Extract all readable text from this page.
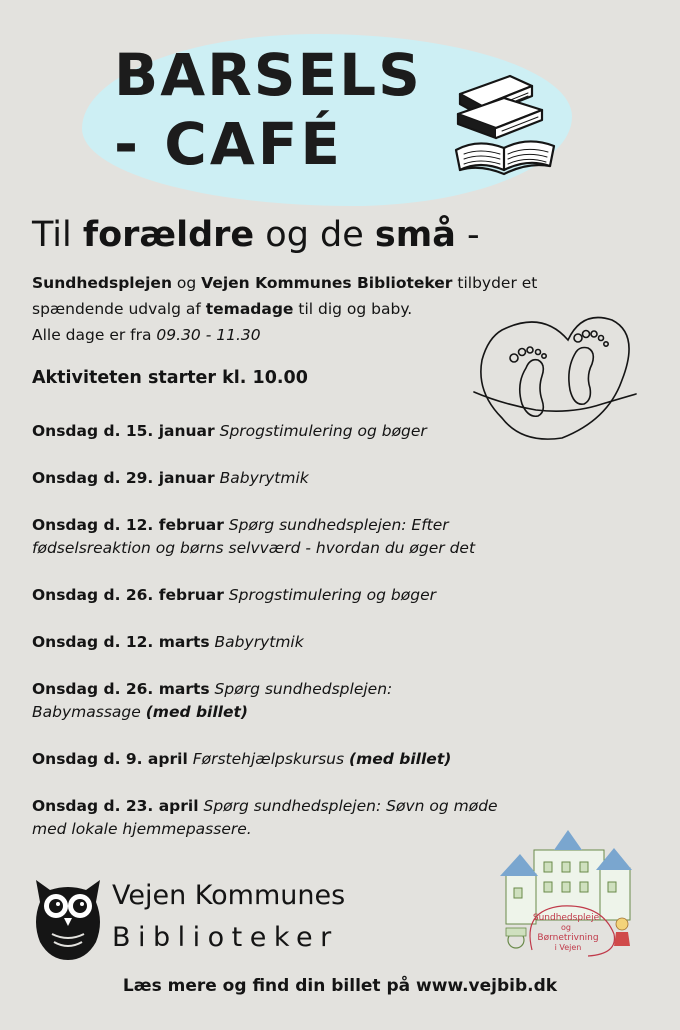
BARSELS
- CAFÉ
Til forældre og de små -
Sundhedsplejen og Vejen Kommunes Biblioteker tilbyder et
spændende udvalg af temadage til dig og baby.
Alle dage er fra 09.30 - 11.30
Aktiviteten starter kl. 10.00
Onsdag d. 15. januar Sprogstimulering og bøger
Onsdag d. 29. januar Babyrytmik
Onsdag d. 12. februar Spørg sundhedsplejen: Efter
fødselsreaktion og børns selvværd - hvordan du øger det
Onsdag d. 26. februar Sprogstimulering og bøger
Onsdag d. 12. marts Babyrytmik
Onsdag d. 26. marts Spørg sundhedsplejen:
Babymassage (med billet)
Onsdag d. 9. april Førstehjælpskursus (med billet)
Onsdag d. 23. april Spørg sundhedsplejen: Søvn og møde
med lokale hjemmepassere.
Vejen Kommunes
Biblioteker
Sundhedspleje
og
Børnetrivning
i Vejen
Læs mere og find din billet på www.vejbib.dk
